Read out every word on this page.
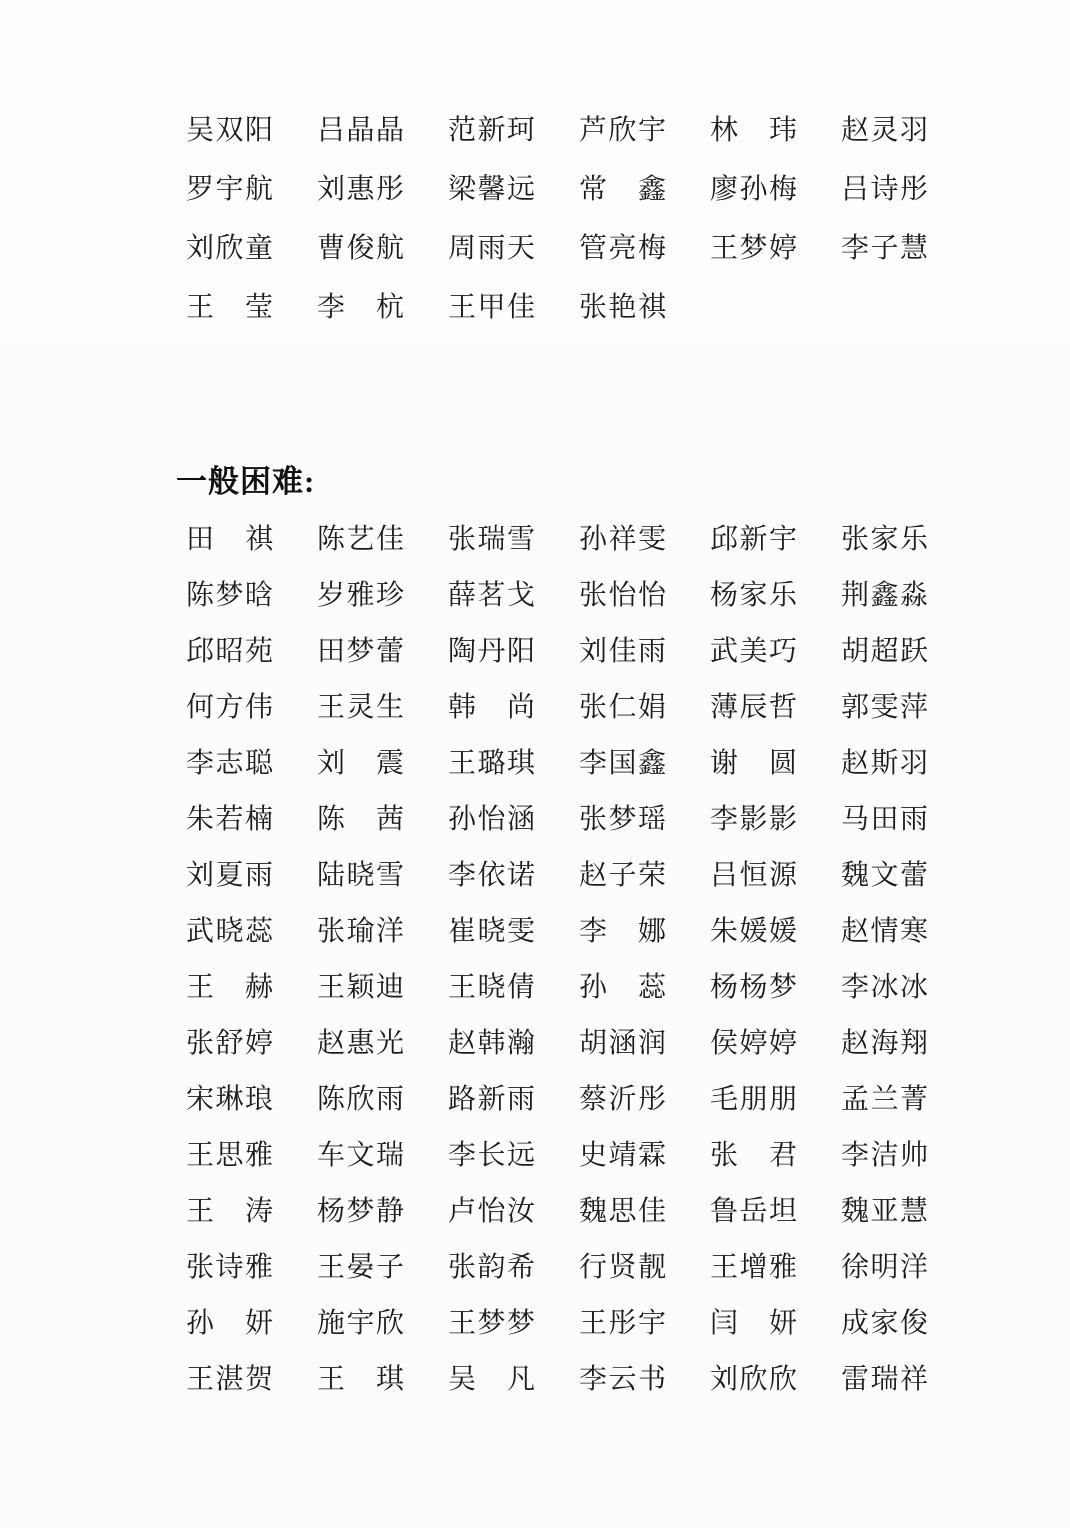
吴双阳 吕晶晶 范新珂 芦欣宇 林玮 赵灵羽
罗宇航 刘惠彤 梁馨远 常鑫 廖孙梅 吕诗彤
刘欣童 曹俊航 周雨天 管亮梅 王梦婷 李子慧
王莹 李杭 王甲佳 张艳祺
一般困难:
田祺 陈艺佳 张瑞雪 孙祥雯 邱新宇 张家乐
陈梦晗 岁雅珍 薛茗戈 张怡怡 杨家乐 荆鑫淼
邱昭苑 田梦蕾 陶丹阳 刘佳雨 武美巧 胡超跃
何方伟 王灵生 韩尚 张仁娟 薄辰哲 郭雯萍
李志聪 刘震 王璐琪 李国鑫 谢圆 赵斯羽
朱若楠 陈茜 孙怡涵 张梦瑶 李影影 马田雨
刘夏雨 陆晓雪 李依诺 赵子荣 吕恒源 魏文蕾
武晓蕊 张瑜洋 崔晓雯 李娜 朱媛媛 赵情寒
王赫 王颖迪 王晓倩 孙蕊 杨杨梦 李冰冰
张舒婷 赵惠光 赵韩瀚 胡涵润 侯婷婷 赵海翔
宋琳琅 陈欣雨 路新雨 蔡沂彤 毛朋朋 孟兰菁
王思雅 车文瑞 李长远 史靖霖 张君 李洁帅
王涛 杨梦静 卢怡汝 魏思佳 鲁岳坦 魏亚慧
张诗雅 王晏子 张韵希 行贤靓 王增雅 徐明洋
孙妍 施宇欣 王梦梦 王彤宇 闫妍 成家俊
王湛贺 王琪 吴凡 李云书 刘欣欣 雷瑞祥
